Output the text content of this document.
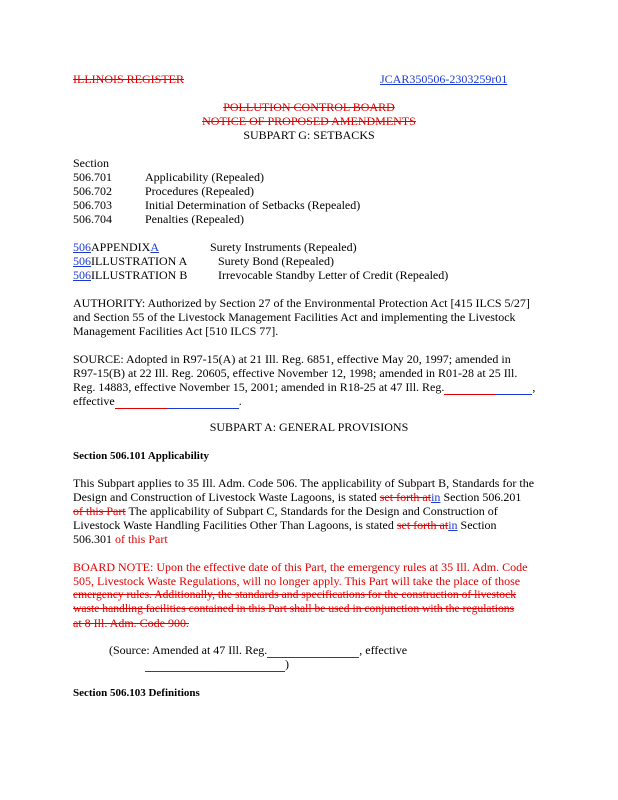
ILLINOIS REGISTER	JCAR350506-2303259r01
POLLUTION CONTROL BOARD
NOTICE OF PROPOSED AMENDMENTS
SUBPART G: SETBACKS
Section
506.701	Applicability (Repealed)
506.702	Procedures (Repealed)
506.703	Initial Determination of Setbacks (Repealed)
506.704	Penalties (Repealed)
506APPENDIXA	Surety Instruments (Repealed)
506ILLUSTRATION A	Surety Bond (Repealed)
506ILLUSTRATION B	Irrevocable Standby Letter of Credit (Repealed)
AUTHORITY: Authorized by Section 27 of the Environmental Protection Act [415 ILCS 5/27]
and Section 55 of the Livestock Management Facilities Act and implementing the Livestock
Management Facilities Act [510 ILCS 77].
SOURCE: Adopted in R97-15(A) at 21 Ill. Reg. 6851, effective May 20, 1997; amended in
R97-15(B) at 22 Ill. Reg. 20605, effective November 12, 1998; amended in R01-28 at 25 Ill.
Reg. 14883, effective November 15, 2001; amended in R18-25 at 47 Ill. Reg.	,
effective	.
SUBPART A: GENERAL PROVISIONS
Section 506.101 Applicability
This Subpart applies to 35 Ill. Adm. Code 506. The applicability of Subpart B, Standards for the
Design and Construction of Livestock Waste Lagoons, is stated set forth atin Section 506.201
of this Part The applicability of Subpart C, Standards for the Design and Construction of
Livestock Waste Handling Facilities Other Than Lagoons, is stated set forth atin Section
506.301 of this Part
BOARD NOTE: Upon the effective date of this Part, the emergency rules at 35 Ill. Adm. Code
505, Livestock Waste Regulations, will no longer apply. This Part will take the place of those
emergency rules. Additionally, the standards and specifications for the construction of livestock
waste handling facilities contained in this Part shall be used in conjunction with the regulations
at 8 Ill. Adm. Code 900.
(Source: Amended at 47 Ill. Reg.	, effective
)
Section 506.103 Definitions
